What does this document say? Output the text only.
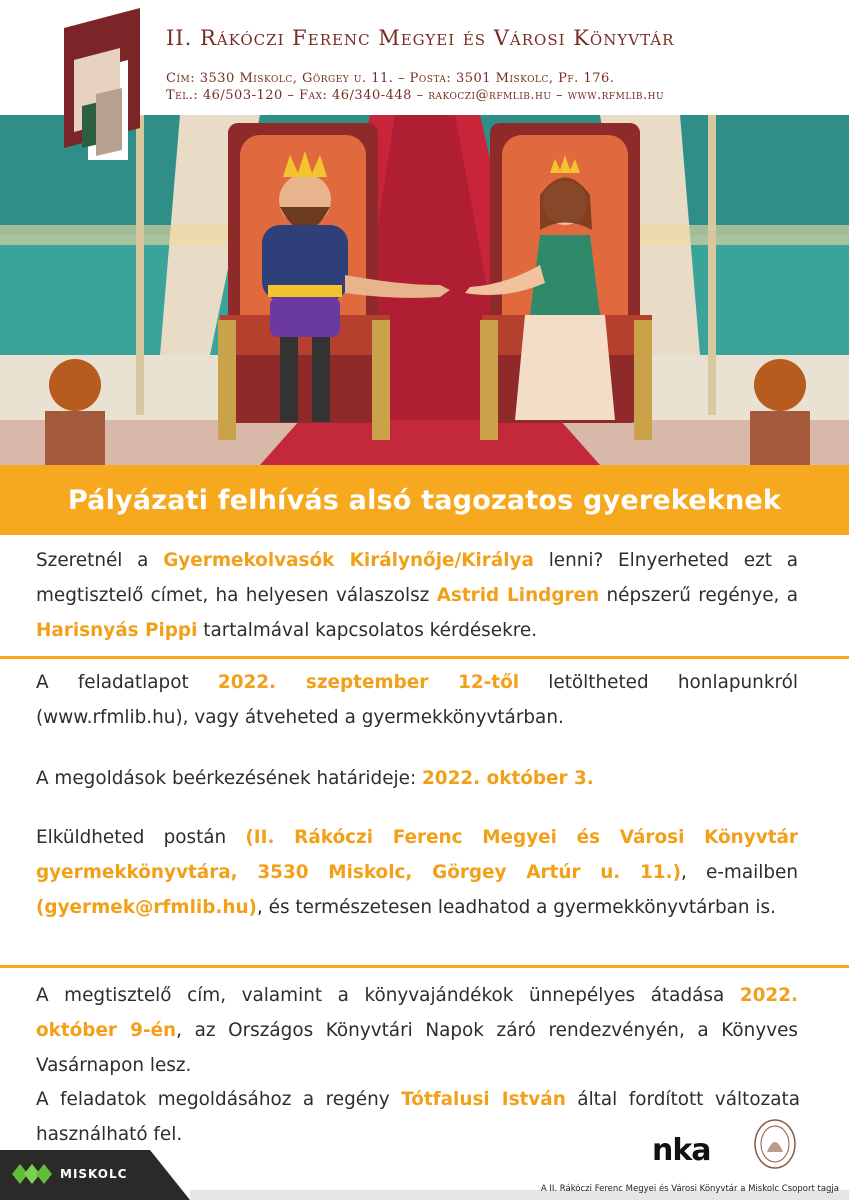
II. Rákóczi Ferenc Megyei és Városi Könyvtár
Cím: 3530 Miskolc, Görgey u. 11. – Posta: 3501 Miskolc, Pf. 176.
Tel.: 46/503-120 – Fax: 46/340-448 – rakoczi@rfmlib.hu – www.rfmlib.hu
Pályázati felhívás alsó tagozatos gyerekeknek
Szeretnél a Gyermekolvasók Királynője/Királya lenni? Elnyerheted ezt a megtisztelő címet, ha helyesen válaszolsz Astrid Lindgren népszerű regénye, a Harisnyás Pippi tartalmával kapcsolatos kérdésekre.
A feladatlapot 2022. szeptember 12-től letöltheted honlapunkról (www.rfmlib.hu), vagy átveheted a gyermekkönyvtárban.
A megoldások beérkezésének határideje: 2022. október 3.
Elküldheted postán (II. Rákóczi Ferenc Megyei és Városi Könyvtár gyermekkönyvtára, 3530 Miskolc, Görgey Artúr u. 11.), e-mailben (gyermek@rfmlib.hu), és természetesen leadhatod a gyermekkönyvtárban is.
A megtisztelő cím, valamint a könyvajándékok ünnepélyes átadása 2022. október 9-én, az Országos Könyvtári Napok záró rendezvényén, a Könyves Vasárnapon lesz.
A feladatok megoldásához a regény Tótfalusi István által fordított változata használható fel.	nka
MISKOLC
A II. Rákóczi Ferenc Megyei és Városi Könyvtár a Miskolc Csoport tagja
